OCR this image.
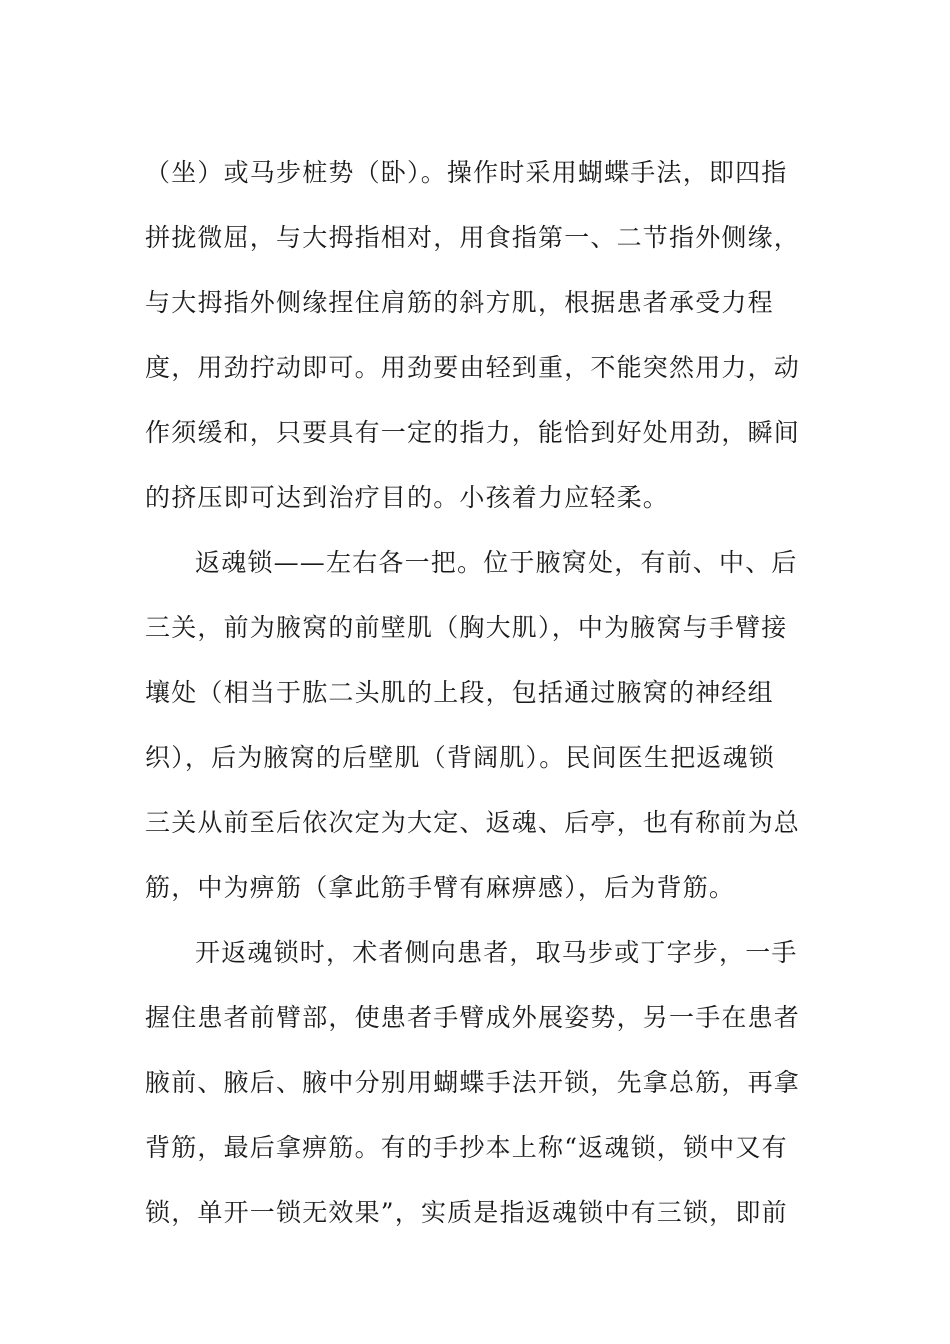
（坐）或马步桩势（卧）。操作时采用蝴蝶手法，即四指
拼拢微屈，与大拇指相对，用食指第一、二节指外侧缘，
与大拇指外侧缘捏住肩筋的斜方肌，根据患者承受力程
度，用劲拧动即可。用劲要由轻到重，不能突然用力，动
作须缓和，只要具有一定的指力，能恰到好处用劲，瞬间
的挤压即可达到治疗目的。小孩着力应轻柔。
返魂锁——左右各一把。位于腋窝处，有前、中、后
三关，前为腋窝的前壁肌（胸大肌），中为腋窝与手臂接
壤处（相当于肱二头肌的上段，包括通过腋窝的神经组
织），后为腋窝的后壁肌（背阔肌）。民间医生把返魂锁
三关从前至后依次定为大定、返魂、后亭，也有称前为总
筋，中为痹筋（拿此筋手臂有麻痹感），后为背筋。
开返魂锁时，术者侧向患者，取马步或丁字步，一手
握住患者前臂部，使患者手臂成外展姿势，另一手在患者
腋前、腋后、腋中分别用蝴蝶手法开锁，先拿总筋，再拿
背筋，最后拿痹筋。有的手抄本上称“返魂锁，锁中又有
锁，单开一锁无效果”，实质是指返魂锁中有三锁，即前
